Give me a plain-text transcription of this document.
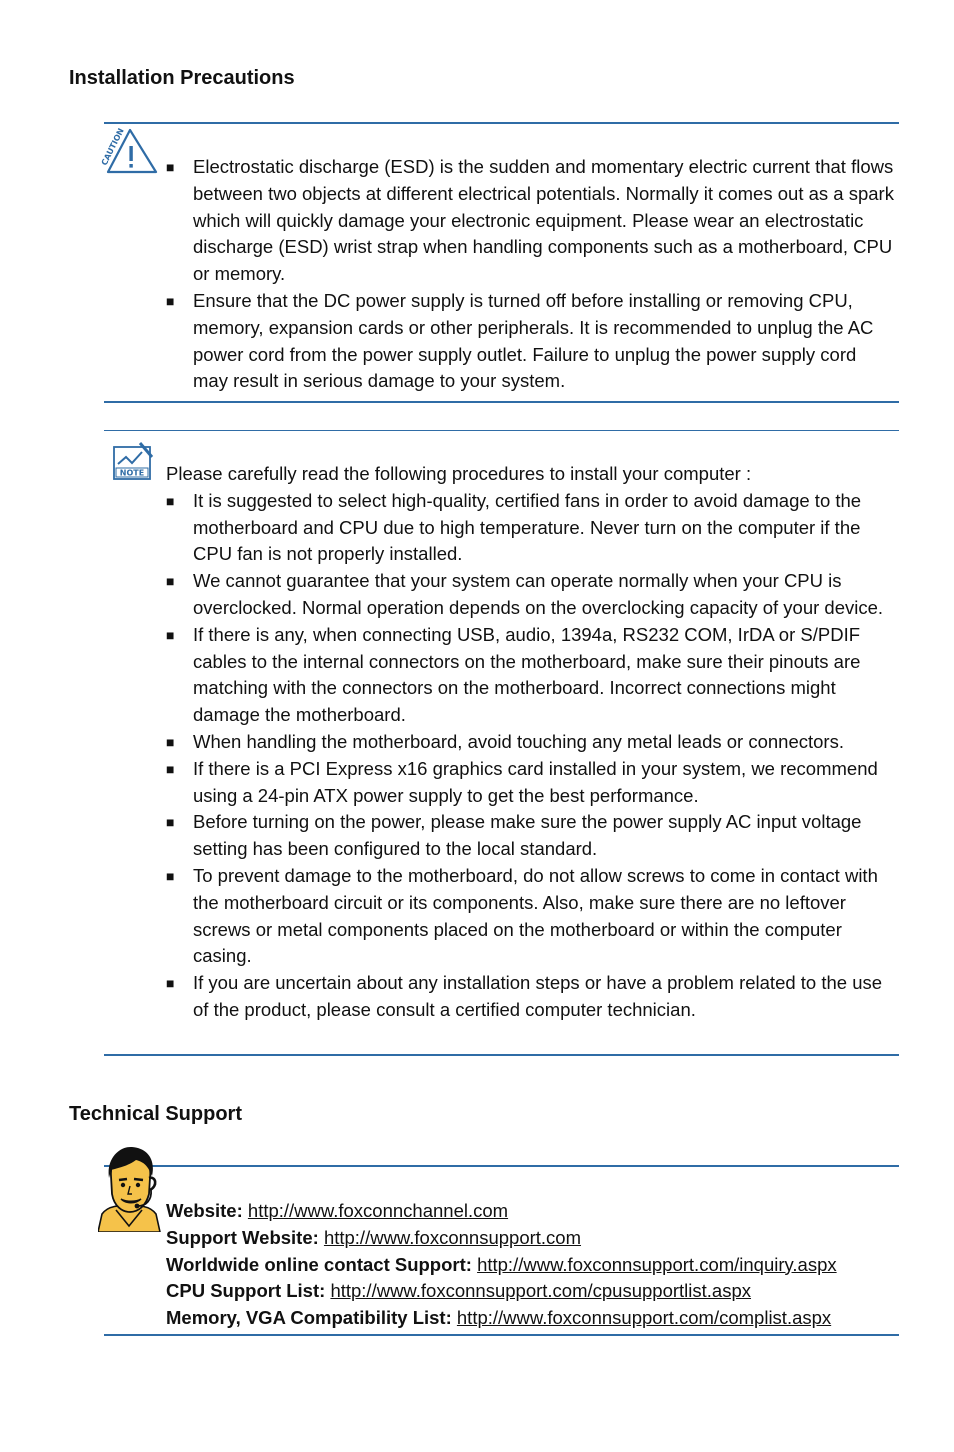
Installation Precautions
CAUTION

■ Electrostatic discharge (ESD) is the sudden and momentary electric current that flows between two objects at different electrical potentials. Normally it comes out as a spark which will quickly damage your electronic equipment. Please wear an electrostatic discharge (ESD) wrist strap when handling components such as a motherboard, CPU or memory.

■ Ensure that the DC power supply is turned off before installing or removing CPU, memory, expansion cards or other peripherals. It is recommended to unplug the AC power cord from the power supply outlet. Failure to unplug the power supply cord may result in serious damage to your system.

NOTE Please carefully read the following procedures to install your computer :

■ It is suggested to select high-quality, certified fans in order to avoid damage to the motherboard and CPU due to high temperature. Never turn on the computer if the CPU fan is not properly installed.

■ We cannot guarantee that your system can operate normally when your CPU is overclocked. Normal operation depends on the overclocking capacity of your device.

■ If there is any, when connecting USB, audio, 1394a, RS232 COM, IrDA or S/PDIF cables to the internal connectors on the motherboard, make sure their pinouts are matching with the connectors on the motherboard. Incorrect connections might damage the motherboard.

■ When handling the motherboard, avoid touching any metal leads or connectors.

■ If there is a PCI Express x16 graphics card installed in your system, we recommend using a 24-pin ATX power supply to get the best performance.

■ Before turning on the power, please make sure the power supply AC input voltage setting has been configured to the local standard.

■ To prevent damage to the motherboard, do not allow screws to come in contact with the motherboard circuit or its components. Also, make sure there are no leftover screws or metal components placed on the motherboard or within the computer casing.

■ If you are uncertain about any installation steps or have a problem related to the use of the product, please consult a certified computer technician.

Technical Support
Website: http://www.foxconnchannel.com
Support Website: http://www.foxconnsupport.com
Worldwide online contact Support: http://www.foxconnsupport.com/inquiry.aspx
CPU Support List: http://www.foxconnsupport.com/cpusupportlist.aspx
Memory, VGA Compatibility List: http://www.foxconnsupport.com/complist.aspx
